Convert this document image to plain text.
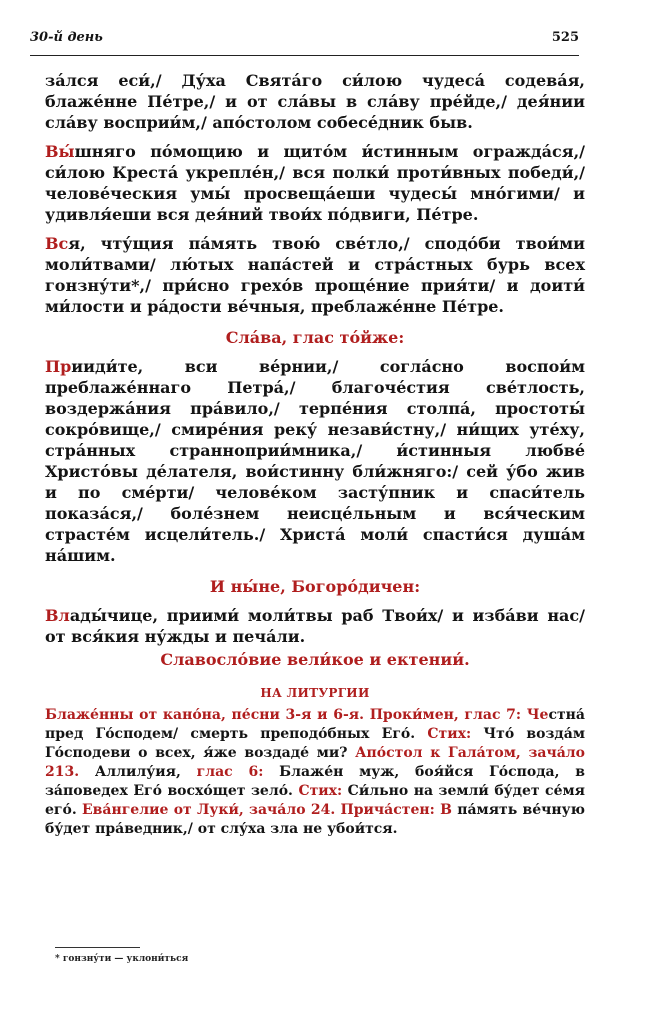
30-й день	525

за́лся еси́,/ Ду́ха Свята́го си́лою чудеса́ содева́я, блаже́нне Пе́тре,/ и от сла́вы в сла́ву пре́йде,/ дея́нии сла́ву восприи́м,/ апо́столом собесе́дник быв.

Вы́шняго по́мощию и щито́м и́стинным огражда́ся,/ си́лою Креста́ укрепле́н,/ вся полки́ проти́вных победи́,/ челове́ческия умы́ просвеща́еши чудесы́ мно́гими/ и удивля́еши вся дея́ний твои́х по́двиги, Пе́тре.

Вся, чту́щия па́мять твою́ све́тло,/ сподо́би твои́ми моли́твами/ лю́тых напа́стей и стра́стных бурь всех гонзну́ти*,/ при́сно грехо́в проще́ние прия́ти/ и доити́ ми́лости и ра́дости ве́чныя, преблаже́нне Пе́тре.

Сла́ва, глас то́йже:

Прииди́те, вси ве́рнии,/ согла́сно воспои́м преблаже́ннаго Петра́,/ благоче́стия све́тлость, воздержа́ния пра́вило,/ терпе́ния столпа́, простоты́ сокро́вище,/ смире́ния реку́ незави́стну,/ ни́щих уте́ху, стра́нных странноприи́мника,/ и́стинныя любве́ Христо́вы де́лателя, вои́стинну бли́жняго:/ сей у́бо жив и по сме́рти/ челове́ком засту́пник и спаси́тель показа́ся,/ боле́знем неисце́льным и вся́ческим страсте́м исцели́тель./ Христа́ моли́ спасти́ся душа́м на́шим.

И ны́не, Богоро́дичен:

Влады́чице, приими́ моли́твы раб Твои́х/ и изба́ви нас/ от вся́кия ну́жды и печа́ли.

Славосло́вие вели́кое и ектении́.
НА ЛИТУРГИИ

Блаже́нны от кано́на, пе́сни 3-я и 6-я. Проки́мен, глас 7: Честна́ пред Го́сподем/ смерть преподо́бных Его́. Стих: Что́ возда́м Го́сподеви о всех, я́же воздаде́ ми? Апо́стол к Гала́том, зача́ло 213. Аллилу́ия, глас 6: Блаже́н муж, боя́йся Го́спода, в за́поведех Его́ восхо́щет зело́. Стих: Си́льно на земли́ бу́дет се́мя его́. Ева́нгелие от Луки́, зача́ло 24. Прича́стен: В па́мять ве́чную бу́дет пра́ведник,/ от слу́ха зла не убои́тся.

* гонзну́ти — уклони́ться
